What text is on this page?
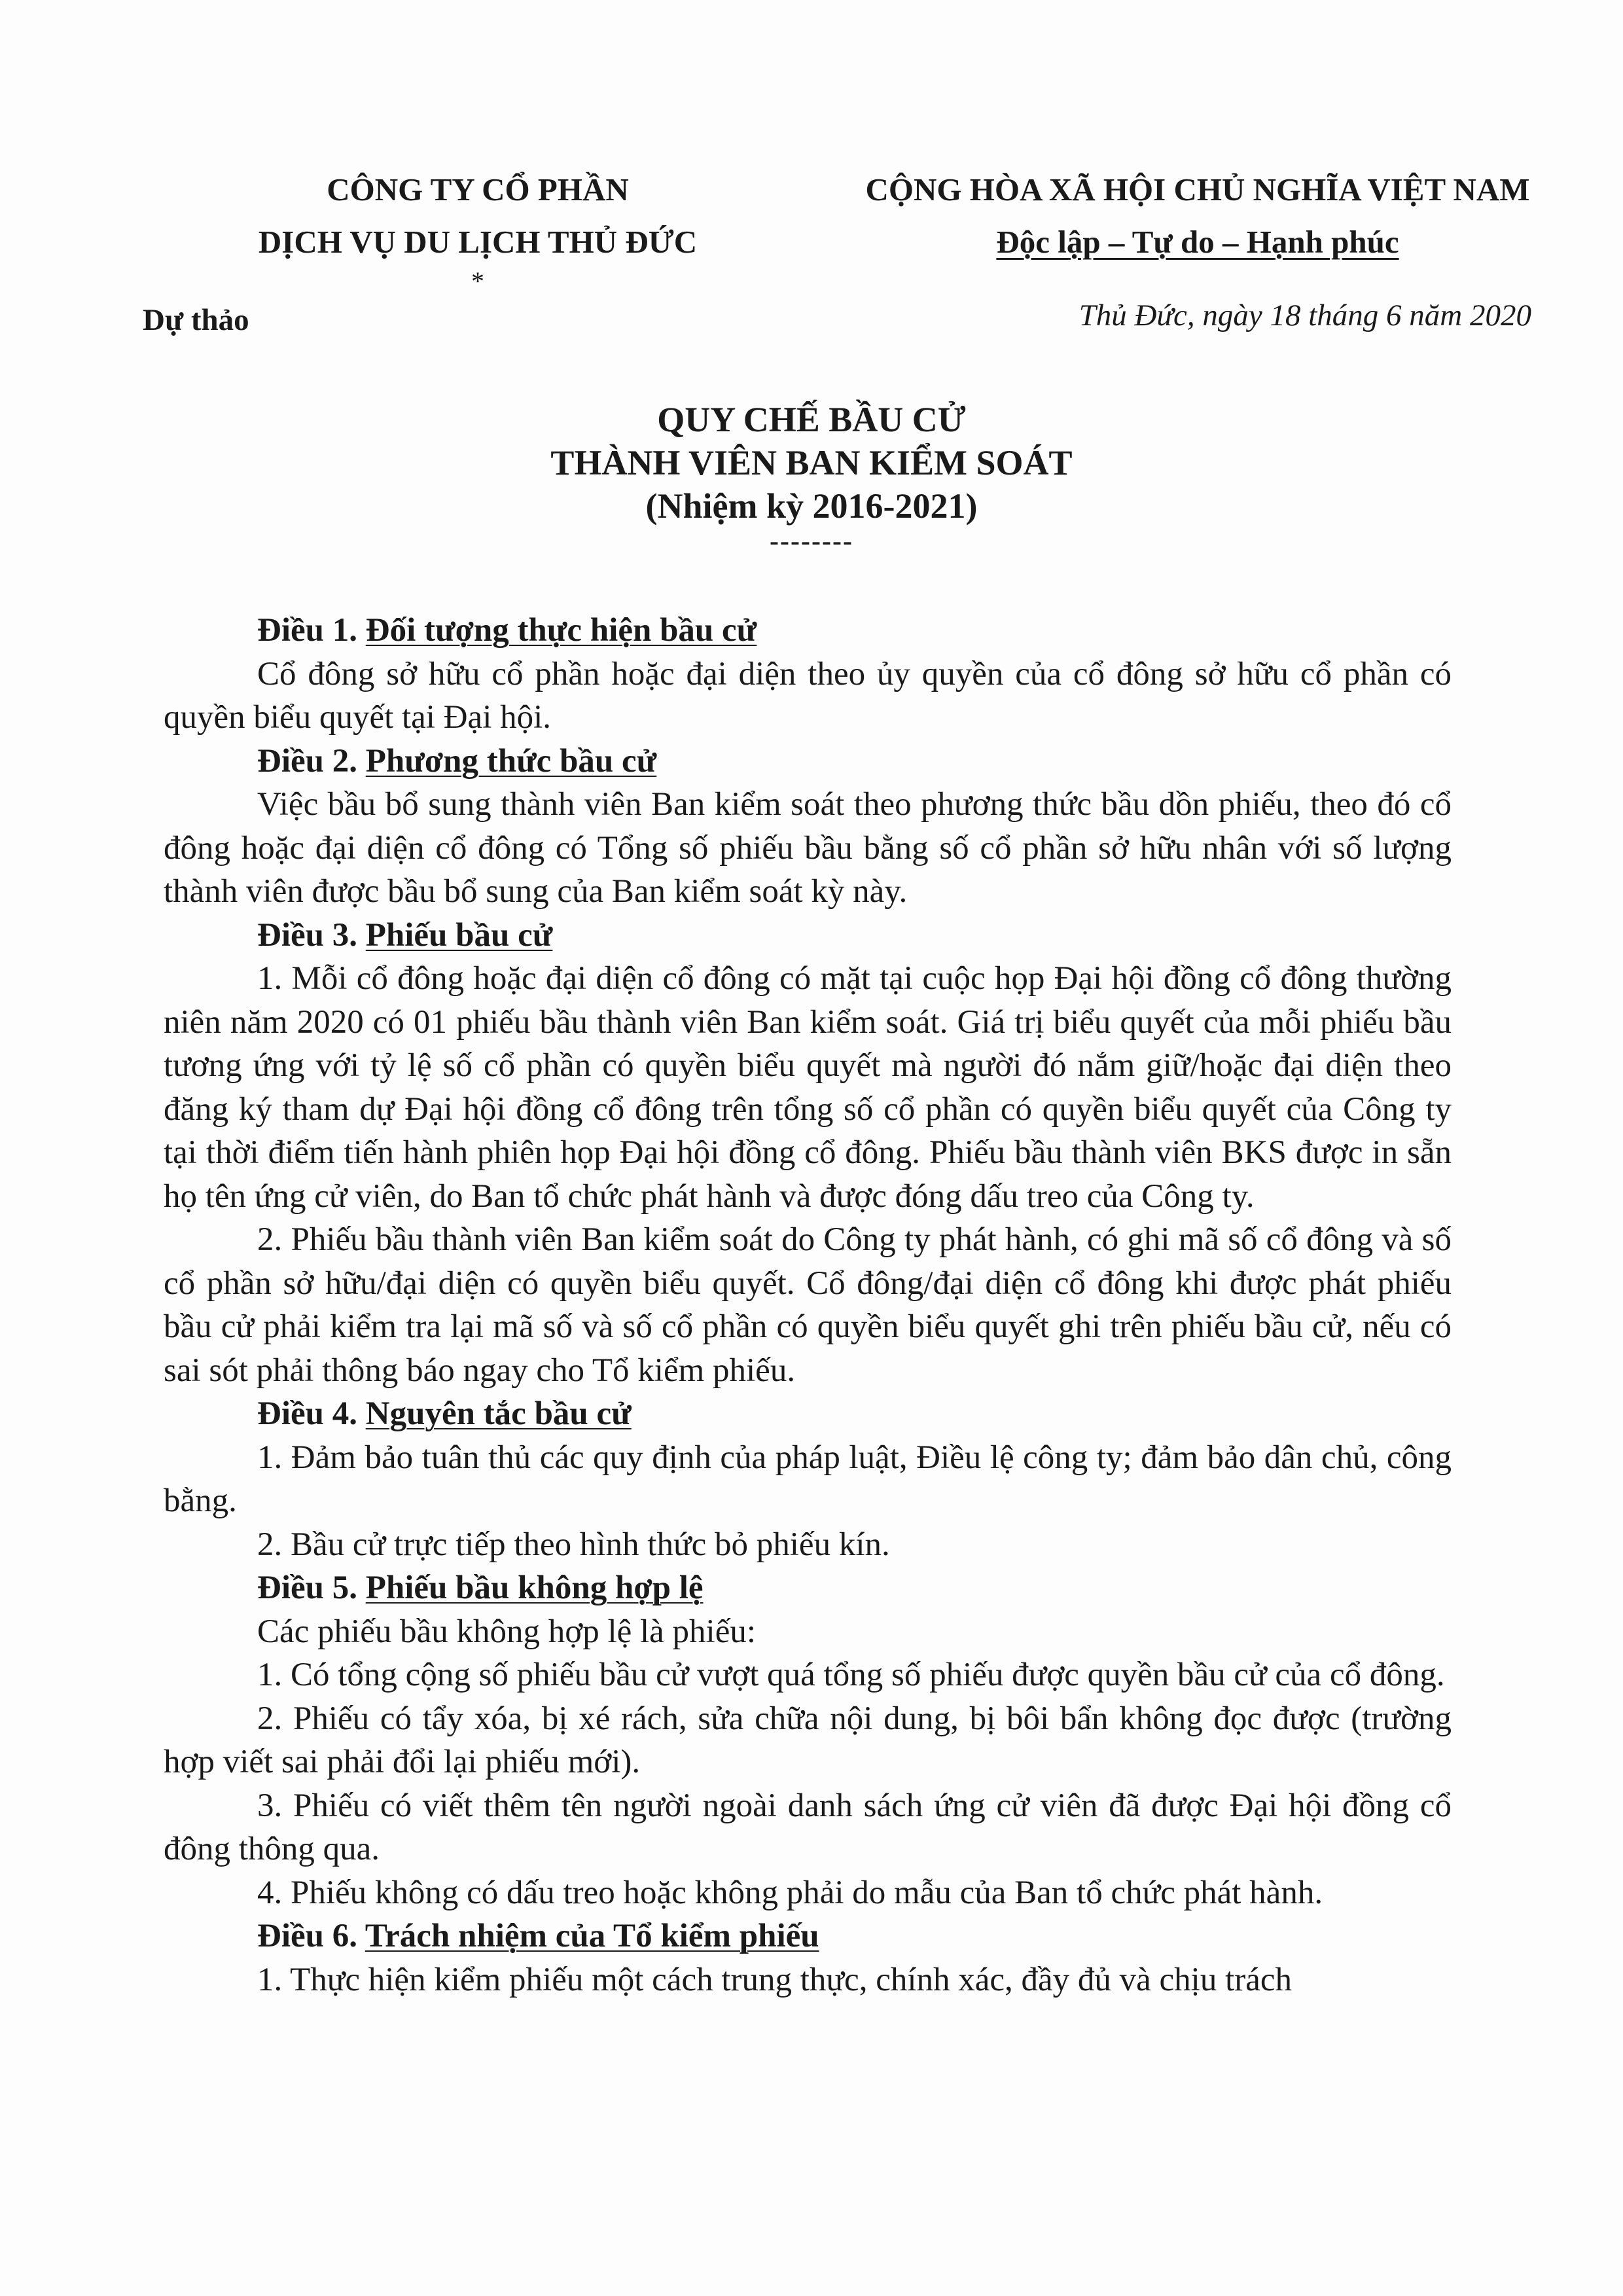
CÔNG TY CỔ PHẦN
DỊCH VỤ DU LỊCH THỦ ĐỨC
*
CỘNG HÒA XÃ HỘI CHỦ NGHĨA VIỆT NAM
Độc lập – Tự do – Hạnh phúc
Dự thảo	Thủ Đức, ngày 18 tháng 6 năm 2020
QUY CHẾ BẦU CỬ
THÀNH VIÊN BAN KIỂM SOÁT
(Nhiệm kỳ 2016-2021)
--------

Điều 1. Đối tượng thực hiện bầu cử

Cổ đông sở hữu cổ phần hoặc đại diện theo ủy quyền của cổ đông sở hữu cổ phần có quyền biểu quyết tại Đại hội.

Điều 2. Phương thức bầu cử

Việc bầu bổ sung thành viên Ban kiểm soát theo phương thức bầu dồn phiếu, theo đó cổ đông hoặc đại diện cổ đông có Tổng số phiếu bầu bằng số cổ phần sở hữu nhân với số lượng thành viên được bầu bổ sung của Ban kiểm soát kỳ này.

Điều 3. Phiếu bầu cử

1. Mỗi cổ đông hoặc đại diện cổ đông có mặt tại cuộc họp Đại hội đồng cổ đông thường niên năm 2020 có 01 phiếu bầu thành viên Ban kiểm soát. Giá trị biểu quyết của mỗi phiếu bầu tương ứng với tỷ lệ số cổ phần có quyền biểu quyết mà người đó nắm giữ/hoặc đại diện theo đăng ký tham dự Đại hội đồng cổ đông trên tổng số cổ phần có quyền biểu quyết của Công ty tại thời điểm tiến hành phiên họp Đại hội đồng cổ đông. Phiếu bầu thành viên BKS được in sẵn họ tên ứng cử viên, do Ban tổ chức phát hành và được đóng dấu treo của Công ty.

2. Phiếu bầu thành viên Ban kiểm soát do Công ty phát hành, có ghi mã số cổ đông và số cổ phần sở hữu/đại diện có quyền biểu quyết. Cổ đông/đại diện cổ đông khi được phát phiếu bầu cử phải kiểm tra lại mã số và số cổ phần có quyền biểu quyết ghi trên phiếu bầu cử, nếu có sai sót phải thông báo ngay cho Tổ kiểm phiếu.

Điều 4. Nguyên tắc bầu cử

1. Đảm bảo tuân thủ các quy định của pháp luật, Điều lệ công ty; đảm bảo dân chủ, công bằng.

2. Bầu cử trực tiếp theo hình thức bỏ phiếu kín.

Điều 5. Phiếu bầu không hợp lệ

Các phiếu bầu không hợp lệ là phiếu:

1. Có tổng cộng số phiếu bầu cử vượt quá tổng số phiếu được quyền bầu cử của cổ đông.

2. Phiếu có tẩy xóa, bị xé rách, sửa chữa nội dung, bị bôi bẩn không đọc được (trường hợp viết sai phải đổi lại phiếu mới).

3. Phiếu có viết thêm tên người ngoài danh sách ứng cử viên đã được Đại hội đồng cổ đông thông qua.

4. Phiếu không có dấu treo hoặc không phải do mẫu của Ban tổ chức phát hành.

Điều 6. Trách nhiệm của Tổ kiểm phiếu

1. Thực hiện kiểm phiếu một cách trung thực, chính xác, đầy đủ và chịu trách
